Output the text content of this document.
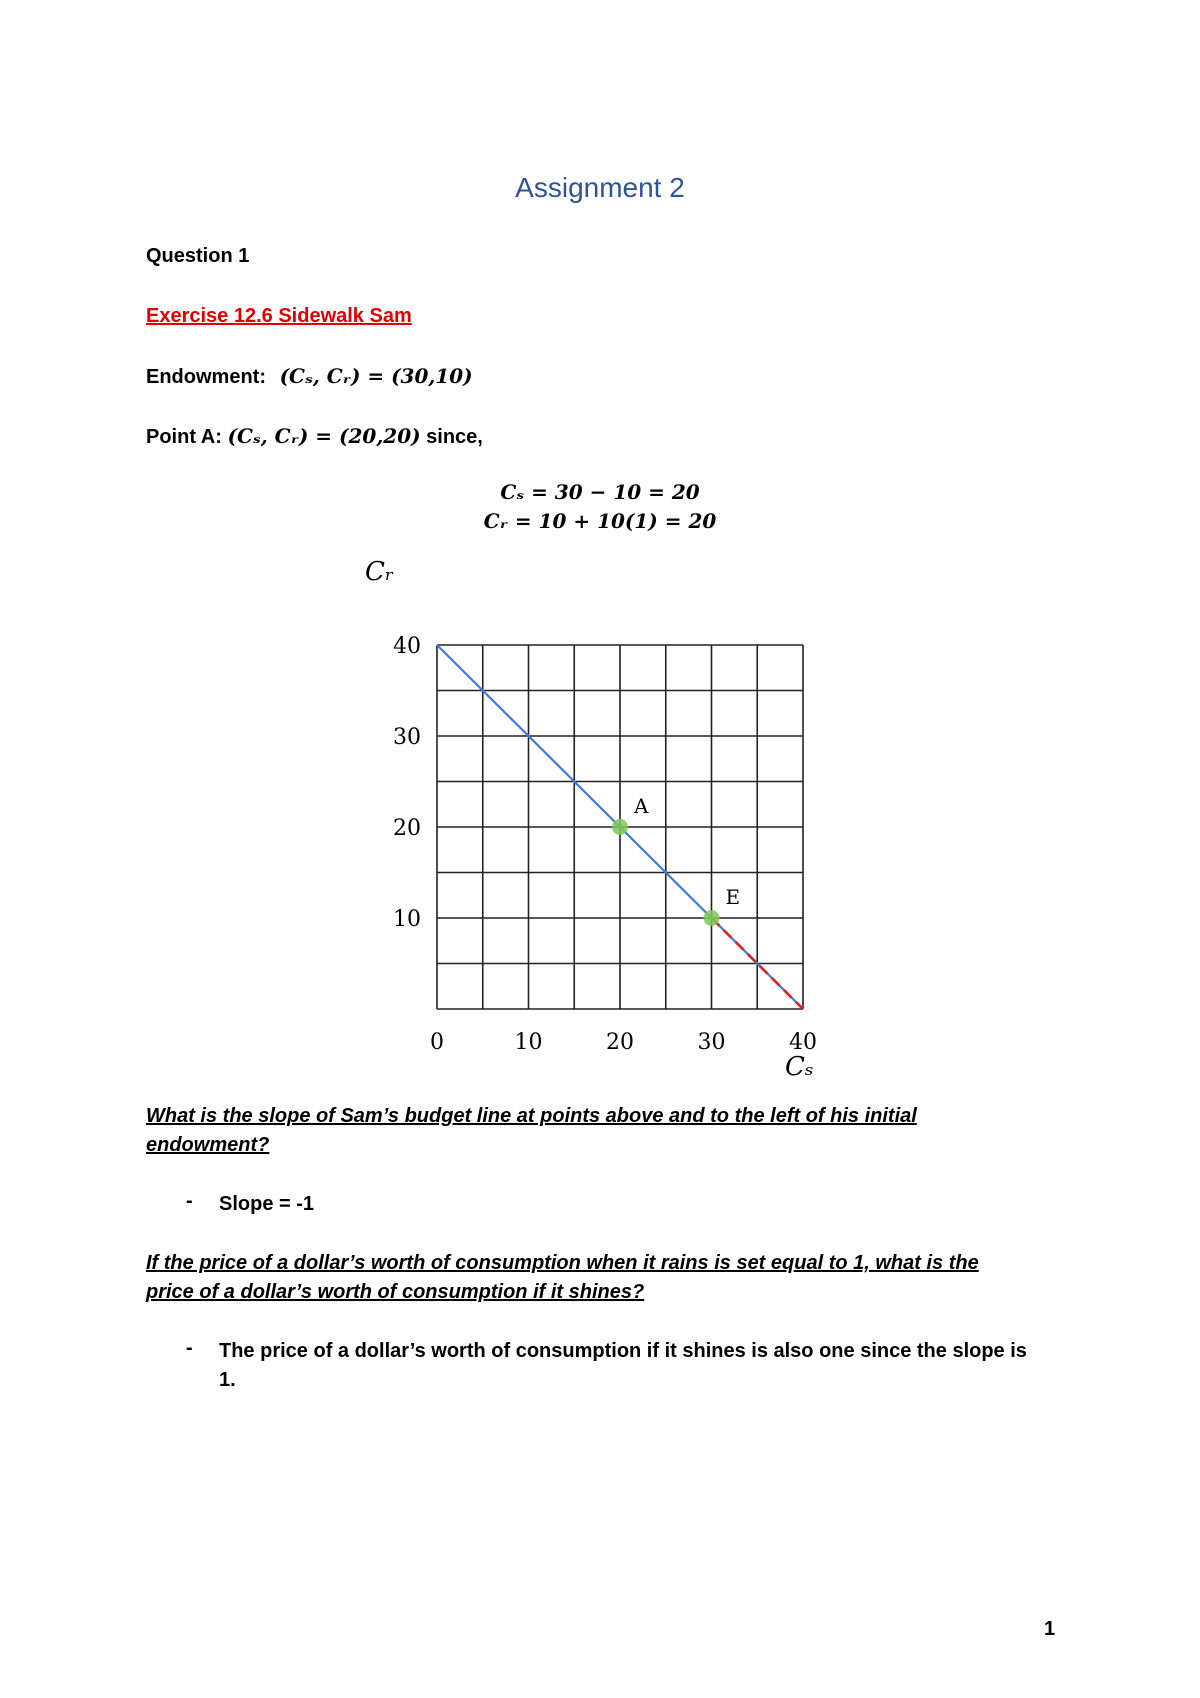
Assignment 2
Question 1
Exercise 12.6 Sidewalk Sam
Endowment: (Cₛ, Cᵣ) = (30,10)
Point A: (Cₛ, Cᵣ) = (20,20) since,
Cₛ = 30 − 10 = 20
Cᵣ = 10 + 10(1) = 20
A
E
0	10	20	30	40
10
20
30
40
Cᵣ
Cₛ
What is the slope of Sam’s budget line at points above and to the left of his initial
endowment?
- Slope = -1
If the price of a dollar’s worth of consumption when it rains is set equal to 1, what is the
price of a dollar’s worth of consumption if it shines?
- The price of a dollar’s worth of consumption if it shines is also one since the slope is
1.
1
